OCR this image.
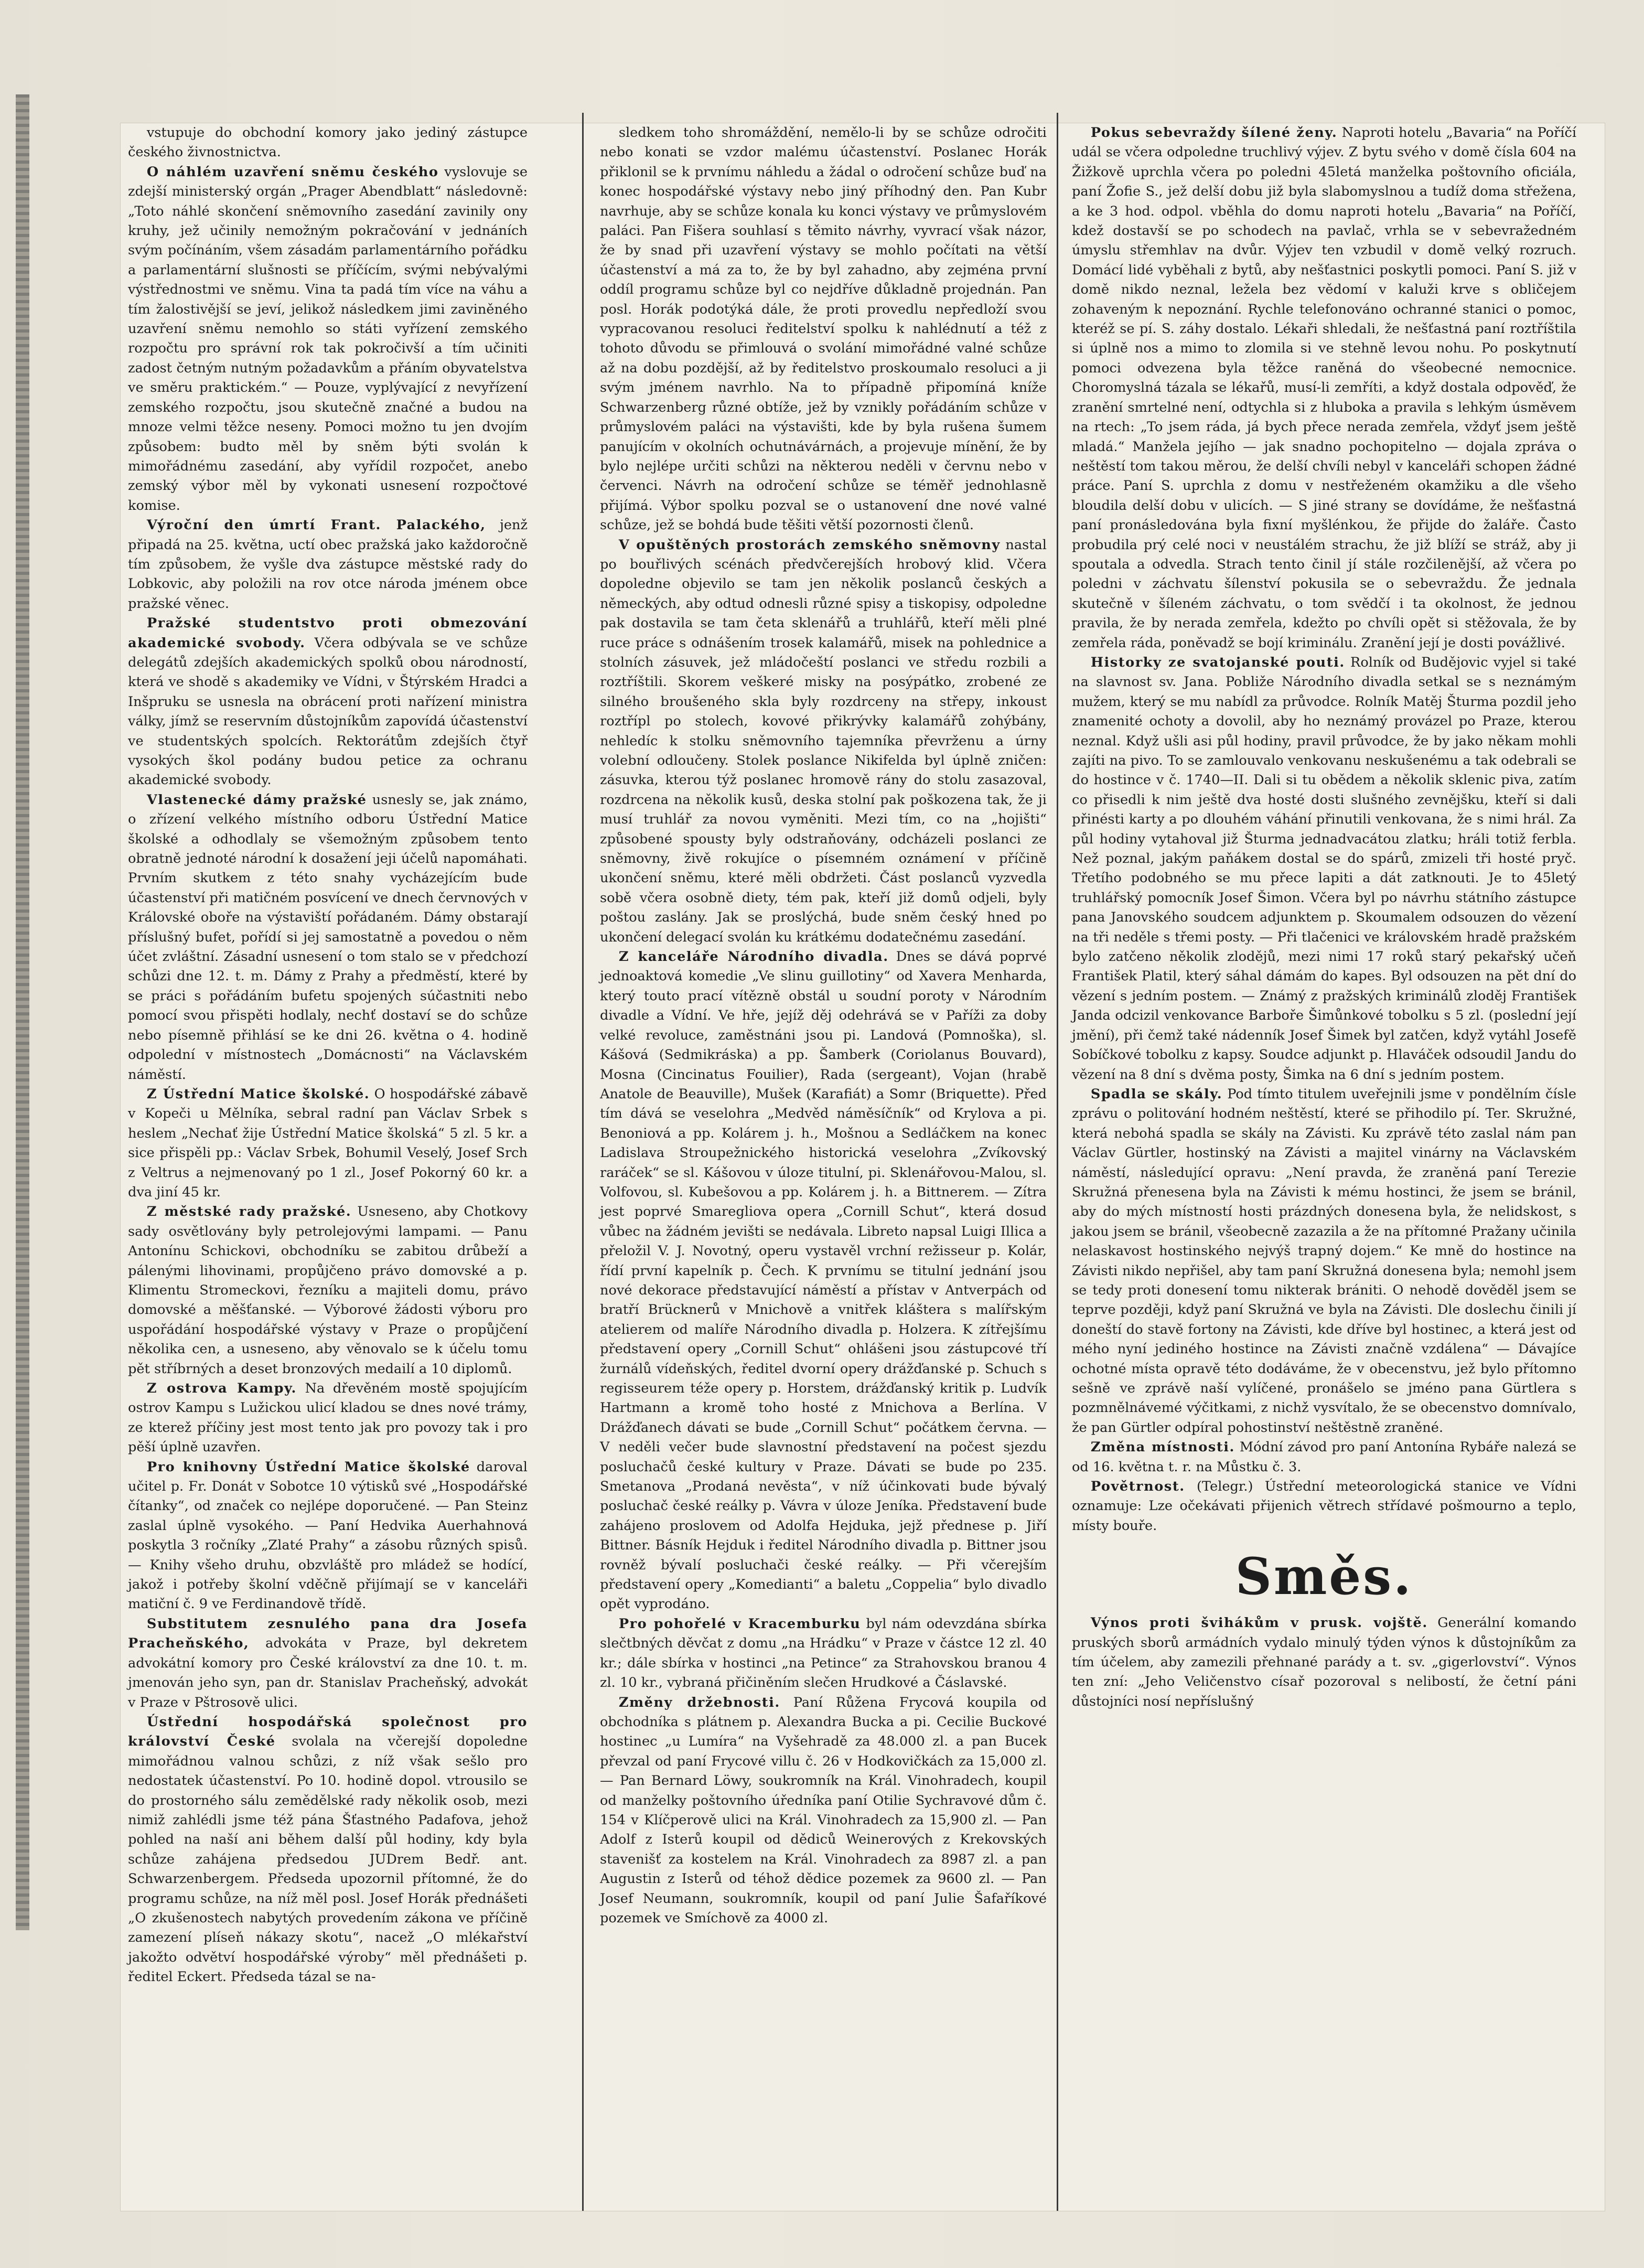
vstupuje do obchodní komory jako jediný zástupce českého živnostnictva.

O náhlém uzavření sněmu českého vyslovuje se zdejší ministerský orgán „Prager Abendblatt“ následovně: „Toto náhlé skončení sněmovního zasedání zavinily ony kruhy, jež učinily nemožným pokračování v jednáních svým počínáním, všem zásadám parlamentárního pořádku a parlamentární slušnosti se příčícím, svými nebývalými výstřednostmi ve sněmu. Vina ta padá tím více na váhu a tím žalostivější se jeví, jelikož následkem jimi zaviněného uzavření sněmu nemohlo so státi vyřízení zemského rozpočtu pro správní rok tak pokročivší a tím učiniti zadost četným nutným požadavkům a přáním obyvatelstva ve směru praktickém.“ — Pouze, vyplývající z nevyřízení zemského rozpočtu, jsou skutečně značné a budou na mnoze velmi těžce neseny. Pomoci možno tu jen dvojím způsobem: budto měl by sněm býti svolán k mimořádnému zasedání, aby vyřídil rozpočet, anebo zemský výbor měl by vykonati usnesení rozpočtové komise.

Výroční den úmrtí Frant. Palackého, jenž připadá na 25. května, uctí obec pražská jako každoročně tím způsobem, že vyšle dva zástupce městské rady do Lobkovic, aby položili na rov otce národa jménem obce pražské věnec.

Pražské studentstvo proti obmezování akademické svobody. Včera odbývala se ve schůze delegátů zdejších akademických spolků obou národností, která ve shodě s akademiky ve Vídni, v Štýrském Hradci a Inšpruku se usnesla na obrácení proti nařízení ministra války, jímž se reservním důstojníkům zapovídá účastenství ve studentských spolcích. Rektorátům zdejších čtyř vysokých škol podány budou petice za ochranu akademické svobody.

Vlastenecké dámy pražské usnesly se, jak známo, o zřízení velkého místního odboru Ústřední Matice školské a odhodlaly se všemožným způsobem tento obratně jednoté národní k dosažení jeji účelů napomáhati. Prvním skutkem z této snahy vycházejícím bude účastenství při matičném posvícení ve dnech červnových v Královské oboře na výstaviští pořádaném. Dámy obstarají příslušný bufet, pořídí si jej samostatně a povedou o něm účet zvláštní. Zásadní usnesení o tom stalo se v předchozí schůzi dne 12. t. m. Dámy z Prahy a předměstí, které by se práci s pořádáním bufetu spojených súčastniti nebo pomocí svou přispěti hodlaly, nechť dostaví se do schůze nebo písemně přihlásí se ke dni 26. května o 4. hodině odpolední v místnostech „Domácnosti“ na Václavském náměstí.

Z Ústřední Matice školské. O hospodářské zábavě v Kopeči u Mělníka, sebral radní pan Václav Srbek s heslem „Nechať žije Ústřední Matice školská“ 5 zl. 5 kr. a sice přispěli pp.: Václav Srbek, Bohumil Veselý, Josef Srch z Veltrus a nejmenovaný po 1 zl., Josef Pokorný 60 kr. a dva jiní 45 kr.

Z městské rady pražské. Usneseno, aby Chotkovy sady osvětlovány byly petrolejovými lampami. — Panu Antonínu Schickovi, obchodníku se zabitou drůbeží a pálenými lihovinami, propůjčeno právo domovské a p. Klimentu Stromeckovi, řezníku a majiteli domu, právo domovské a měšťanské. — Výborové žádosti výboru pro uspořádání hospodářské výstavy v Praze o propůjčení několika cen, a usneseno, aby věnovalo se k účelu tomu pět stříbrných a deset bronzových medailí a 10 diplomů.

Z ostrova Kampy. Na dřevěném mostě spojujícím ostrov Kampu s Lužickou ulicí kladou se dnes nové trámy, ze kterež příčiny jest most tento jak pro povozy tak i pro pěší úplně uzavřen.

Pro knihovny Ústřední Matice školské daroval učitel p. Fr. Donát v Sobotce 10 výtisků své „Hospodářské čítanky“, od značek co nejlépe doporučené. — Pan Steinz zaslal úplně vysokého. — Paní Hedvika Auerhahnová poskytla 3 ročníky „Zlaté Prahy“ a zásobu různých spisů. — Knihy všeho druhu, obzvláště pro mládež se hodící, jakož i potřeby školní vděčně přijímají se v kanceláři matiční č. 9 ve Ferdinandově třídě.

Substitutem zesnulého pana dra Josefa Pracheňského, advokáta v Praze, byl dekretem advokátní komory pro České království za dne 10. t. m. jmenován jeho syn, pan dr. Stanislav Pracheňský, advokát v Praze v Pštrosově ulici.

Ústřední hospodářská společnost pro království České svolala na včerejší dopoledne mimořádnou valnou schůzi, z níž však sešlo pro nedostatek účastenství. Po 10. hodině dopol. vtrousilo se do prostorného sálu zemědělské rady několik osob, mezi nimiž zahlédli jsme též pána Šťastného Padafova, jehož pohled na naší ani během další půl hodiny, kdy byla schůze zahájena předsedou JUDrem Bedř. ant. Schwarzenbergem. Předseda upozornil přítomné, že do programu schůze, na níž měl posl. Josef Horák přednášeti „O zkušenostech nabytých provedením zákona ve příčině zamezení plíseň nákazy skotu“, nacež „O mlékařství jakožto odvětví hospodářské výroby“ měl přednášeti p. ředitel Eckert. Předseda tázal se na-

sledkem toho shromáždění, nemělo-li by se schůze odročiti nebo konati se vzdor malému účastenství. Poslanec Horák přiklonil se k prvnímu náhledu a žádal o odročení schůze buď na konec hospodářské výstavy nebo jiný příhodný den. Pan Kubr navrhuje, aby se schůze konala ku konci výstavy ve průmyslovém paláci. Pan Fišera souhlasí s těmito návrhy, vyvrací však názor, že by snad při uzavření výstavy se mohlo počítati na větší účastenství a má za to, že by byl zahadno, aby zejména první oddíl programu schůze byl co nejdříve důkladně projednán. Pan posl. Horák podotýká dále, že proti provedlu nepředloží svou vypracovanou resoluci ředitelství spolku k nahlédnutí a též z tohoto důvodu se přimlouvá o svolání mimořádné valné schůze až na dobu pozdější, až by ředitelstvo proskoumalo resoluci a ji svým jménem navrhlo. Na to případně připomíná kníže Schwarzenberg různé obtíže, jež by vznikly pořádáním schůze v průmyslovém paláci na výstavišti, kde by byla rušena šumem panujícím v okolních ochutnávárnách, a projevuje mínění, že by bylo nejlépe určiti schůzi na některou neděli v červnu nebo v červenci. Návrh na odročení schůze se téměř jednohlasně přijímá. Výbor spolku pozval se o ustanovení dne nové valné schůze, jež se bohdá bude těšiti větší pozornosti členů.

V opuštěných prostorách zemského sněmovny nastal po bouřlivých scénách předvčerejších hrobový klid. Včera dopoledne objevilo se tam jen několik poslanců českých a německých, aby odtud odnesli různé spisy a tiskopisy, odpoledne pak dostavila se tam četa sklenářů a truhlářů, kteří měli plné ruce práce s odnášením trosek kalamářů, misek na pohlednice a stolních zásuvek, jež mládočeští poslanci ve středu rozbili a roztříštili. Skorem veškeré misky na posýpátko, zrobené ze silného broušeného skla byly rozdrceny na střepy, inkoust roztřípl po stolech, kovové přikrývky kalamářů zohýbány, nehledíc k stolku sněmovního tajemníka převrženu a úrny volební odloučeny. Stolek poslance Nikifelda byl úplně zničen: zásuvka, kterou týž poslanec hromově rány do stolu zasazoval, rozdrcena na několik kusů, deska stolní pak poškozena tak, že ji musí truhlář za novou vyměniti. Mezi tím, co na „hojišti“ způsobené spousty byly odstraňovány, odcházeli poslanci ze sněmovny, živě rokujíce o písemném oznámení v příčině ukončení sněmu, které měli obdržeti. Část poslanců vyzvedla sobě včera osobně diety, tém pak, kteří již domů odjeli, byly poštou zaslány. Jak se proslýchá, bude sněm český hned po ukončení delegací svolán ku krátkému dodatečnému zasedání.

Z kanceláře Národního divadla. Dnes se dává poprvé jednoaktová komedie „Ve slinu guillotiny“ od Xavera Menharda, který touto prací vítězně obstál u soudní poroty v Národním divadle a Vídní. Ve hře, jejíž děj odehrává se v Paříži za doby velké revoluce, zaměstnáni jsou pi. Landová (Pomnoška), sl. Kášová (Sedmikráska) a pp. Šamberk (Coriolanus Bouvard), Mosna (Cincinatus Fouilier), Rada (sergeant), Vojan (hrabě Anatole de Beauville), Mušek (Karafiát) a Somr (Briquette). Před tím dává se veselohra „Medvěd náměsíčník“ od Krylova a pi. Benoniová a pp. Kolárem j. h., Mošnou a Sedláčkem na konec Ladislava Stroupežnického historická veselohra „Zvíkovský raráček“ se sl. Kášovou v úloze titulní, pi. Sklenářovou-Malou, sl. Volfovou, sl. Kubešovou a pp. Kolárem j. h. a Bittnerem. — Zítra jest poprvé Smaregliova opera „Cornill Schut“, která dosud vůbec na žádném jevišti se nedávala. Libreto napsal Luigi Illica a přeložil V. J. Novotný, operu vystavěl vrchní režisseur p. Kolár, řídí první kapelník p. Čech. K prvnímu se titulní jednání jsou nové dekorace představující náměstí a přístav v Antverpách od bratří Brücknerů v Mnichově a vnitřek kláštera s malířským atelierem od malíře Národního divadla p. Holzera. K zítřejšímu představení opery „Cornill Schut“ ohlášeni jsou zástupcové tří žurnálů vídeňských, ředitel dvorní opery drážďanské p. Schuch s regisseurem téže opery p. Horstem, drážďanský kritik p. Ludvík Hartmann a kromě toho hosté z Mnichova a Berlína. V Drážďanech dávati se bude „Cornill Schut“ počátkem června. — V neděli večer bude slavnostní představení na počest sjezdu posluchačů české kultury v Praze. Dávati se bude po 235. Smetanova „Prodaná nevěsta“, v níž účinkovati bude bývalý posluchač české reálky p. Vávra v úloze Jeníka. Představení bude zahájeno proslovem od Adolfa Hejduka, jejž přednese p. Jiří Bittner. Básník Hejduk i ředitel Národního divadla p. Bittner jsou rovněž bývalí posluchači české reálky. — Při včerejším představení opery „Komedianti“ a baletu „Coppelia“ bylo divadlo opět vyprodáno.

Pro pohořelé v Kracemburku byl nám odevzdána sbírka slečtbných děvčat z domu „na Hrádku“ v Praze v částce 12 zl. 40 kr.; dále sbírka v hostinci „na Petince“ za Strahovskou branou 4 zl. 10 kr., vybraná přičiněním slečen Hrudkové a Čáslavské.

Změny držebnosti. Paní Růžena Frycová koupila od obchodníka s plátnem p. Alexandra Bucka a pi. Cecilie Buckové hostinec „u Lumíra“ na Vyšehradě za 48.000 zl. a pan Bucek převzal od paní Frycové villu č. 26 v Hodkovičkách za 15,000 zl. — Pan Bernard Löwy, soukromník na Král. Vinohradech, koupil od manželky poštovního úředníka paní Otilie Sychravové dům č. 154 v Klíčperově ulici na Král. Vinohradech za 15,900 zl. — Pan Adolf z Isterů koupil od dědiců Weinerových z Krekovských stavenišť za kostelem na Král. Vinohradech za 8987 zl. a pan Augustin z Isterů od téhož dědice pozemek za 9600 zl. — Pan Josef Neumann, soukromník, koupil od paní Julie Šafaříkové pozemek ve Smíchově za 4000 zl.

Pokus sebevraždy šílené ženy. Naproti hotelu „Bavaria“ na Poříčí udál se včera odpoledne truchlivý výjev. Z bytu svého v domě čísla 604 na Žižkově uprchla včera po poledni 45letá manželka poštovního oficiála, paní Žofie S., jež delší dobu již byla slabomyslnou a tudíž doma střežena, a ke 3 hod. odpol. vběhla do domu naproti hotelu „Bavaria“ na Poříčí, kdež dostavší se po schodech na pavlač, vrhla se v sebevražedném úmyslu střemhlav na dvůr. Výjev ten vzbudil v domě velký rozruch. Domácí lidé vyběhali z bytů, aby nešťastnici poskytli pomoci. Paní S. již v domě nikdo neznal, ležela bez vědomí v kaluži krve s obličejem zohaveným k nepoznání. Rychle telefonováno ochranné stanici o pomoc, kteréž se pí. S. záhy dostalo. Lékaři shledali, že nešťastná paní roztříštila si úplně nos a mimo to zlomila si ve stehně levou nohu. Po poskytnutí pomoci odvezena byla těžce raněná do všeobecné nemocnice. Choromyslná tázala se lékařů, musí-li zemříti, a když dostala odpověď, že zranění smrtelné není, odtychla si z hluboka a pravila s lehkým úsměvem na rtech: „To jsem ráda, já bych přece nerada zemřela, vždyť jsem ještě mladá.“ Manžela jejího — jak snadno pochopitelno — dojala zpráva o neštěstí tom takou měrou, že delší chvíli nebyl v kanceláři schopen žádné práce. Paní S. uprchla z domu v nestřeženém okamžiku a dle všeho bloudila delší dobu v ulicích. — S jiné strany se dovídáme, že nešťastná paní pronásledována byla fixní myšlénkou, že přijde do žaláře. Často probudila prý celé noci v neustálém strachu, že již blíží se stráž, aby ji spoutala a odvedla. Strach tento činil jí stále rozčilenější, až včera po poledni v záchvatu šílenství pokusila se o sebevraždu. Že jednala skutečně v šíleném záchvatu, o tom svědčí i ta okolnost, že jednou pravila, že by nerada zemřela, kdežto po chvíli opět si stěžovala, že by zemřela ráda, poněvadž se bojí kriminálu. Zranění její je dosti povážlivé.

Historky ze svatojanské pouti. Rolník od Budějovic vyjel si také na slavnost sv. Jana. Pobliže Národního divadla setkal se s neznámým mužem, který se mu nabídl za průvodce. Rolník Matěj Šturma pozdil jeho znamenité ochoty a dovolil, aby ho neznámý provázel po Praze, kterou neznal. Když ušli asi půl hodiny, pravil průvodce, že by jako někam mohli zajíti na pivo. To se zamlouvalo venkovanu neskušenému a tak odebrali se do hostince v č. 1740—II. Dali si tu obědem a několik sklenic piva, zatím co přisedli k nim ještě dva hosté dosti slušného zevnějšku, kteří si dali přinésti karty a po dlouhém váhání přinutili venkovana, že s nimi hrál. Za půl hodiny vytahoval již Šturma jednadvacátou zlatku; hráli totiž ferbla. Než poznal, jakým paňákem dostal se do spárů, zmizeli tři hosté pryč. Třetího podobného se mu přece lapiti a dát zatknouti. Je to 45letý truhlářský pomocník Josef Šimon. Včera byl po návrhu státního zástupce pana Janovského soudcem adjunktem p. Skoumalem odsouzen do vězení na tři neděle s třemi posty. — Při tlačenici ve královském hradě pražském bylo zatčeno několik zlodějů, mezi nimi 17 roků starý pekařský učeň František Platil, který sáhal dámám do kapes. Byl odsouzen na pět dní do vězení s jedním postem. — Známý z pražských kriminálů zloděj František Janda odcizil venkovance Barboře Šimůnkové tobolku s 5 zl. (poslední její jmění), při čemž také nádenník Josef Šimek byl zatčen, když vytáhl Josefě Sobíčkové tobolku z kapsy. Soudce adjunkt p. Hlaváček odsoudil Jandu do vězení na 8 dní s dvěma posty, Šimka na 6 dní s jedním postem.

Spadla se skály. Pod tímto titulem uveřejnili jsme v pondělním čísle zprávu o politování hodném neštěstí, které se přihodilo pí. Ter. Skružné, která nebohá spadla se skály na Závisti. Ku zprávě této zaslal nám pan Václav Gürtler, hostinský na Závisti a majitel vinárny na Václavském náměstí, následující opravu: „Není pravda, že zraněná paní Terezie Skružná přenesena byla na Závisti k mému hostinci, že jsem se bránil, aby do mých místností hosti prázdných donesena byla, že nelidskost, s jakou jsem se bránil, všeobecně zazazila a že na přítomné Pražany učinila nelaskavost hostinského nejvýš trapný dojem.“ Ke mně do hostince na Závisti nikdo nepřišel, aby tam paní Skružná donesena byla; nemohl jsem se tedy proti donesení tomu nikterak brániti. O nehodě dověděl jsem se teprve později, když paní Skružná ve byla na Závisti. Dle doslechu činili jí doneští do stavě fortony na Závisti, kde dříve byl hostinec, a která jest od mého nyní jediného hostince na Závisti značně vzdálena“ — Dávajíce ochotné místa opravě této dodáváme, že v obecenstvu, jež bylo přítomno sešně ve zprávě naší vylíčené, pronášelo se jméno pana Gürtlera s pozmnělnávemé výčitkami, z nichž vysvítalo, že se obecenstvo domnívalo, že pan Gürtler odpíral pohostinství neštěstně zraněné.

Změna místnosti. Módní závod pro paní Antonína Rybáře nalezá se od 16. května t. r. na Můstku č. 3.

Povětrnost. (Telegr.) Ústřední meteorologická stanice ve Vídni oznamuje: Lze očekávati přijenich větrech střídavé pošmourno a teplo, místy bouře.

Směs.

Výnos proti švihákům v prusk. vojště. Generální komando pruských sborů armádních vydalo minulý týden výnos k důstojníkům za tím účelem, aby zamezili přehnané parády a t. sv. „gigerlovství“. Výnos ten zní: „Jeho Veličenstvo císař pozoroval s nelibostí, že četní páni důstojníci nosí nepříslušný
